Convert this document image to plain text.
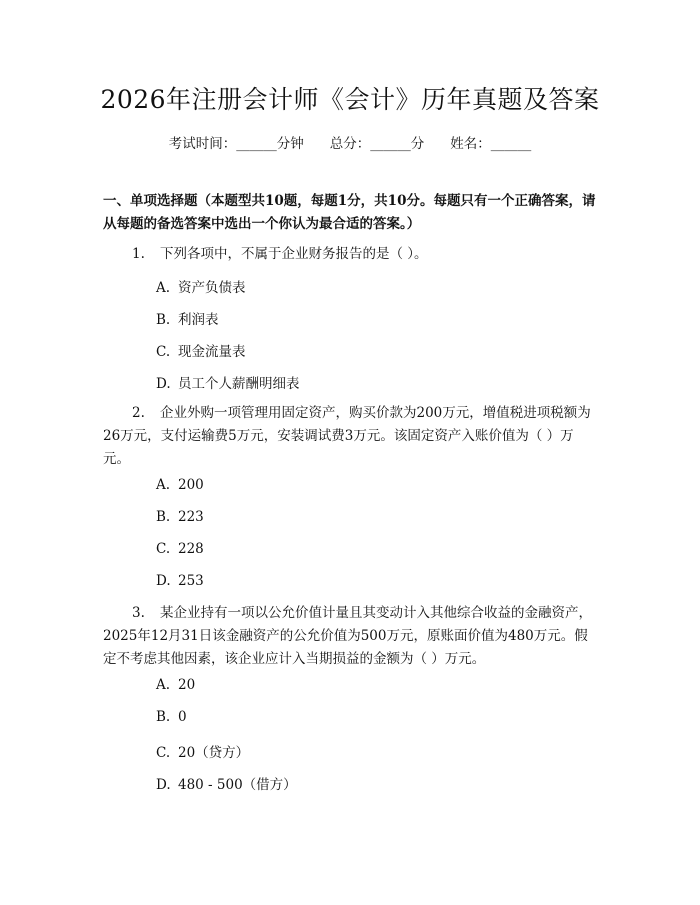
2026年注册会计师《会计》历年真题及答案
考试时间：______分钟 总分：______分 姓名：______
一、单项选择题（本题型共10题，每题1分，共10分。每题只有一个正确答案，请从每题的备选答案中选出一个你认为最合适的答案。）
1. 下列各项中，不属于企业财务报告的是（ ）。
A. 资产负债表
B. 利润表
C. 现金流量表
D. 员工个人薪酬明细表
2. 企业外购一项管理用固定资产，购买价款为200万元，增值税进项税额为26万元，支付运输费5万元，安装调试费3万元。该固定资产入账价值为（ ）万元。
A. 200
B. 223
C. 228
D. 253
3. 某企业持有一项以公允价值计量且其变动计入其他综合收益的金融资产，2025年12月31日该金融资产的公允价值为500万元，原账面价值为480万元。假定不考虑其他因素，该企业应计入当期损益的金额为（ ）万元。
A. 20
B. 0
C. 20（贷方）
D. 480 - 500（借方）
